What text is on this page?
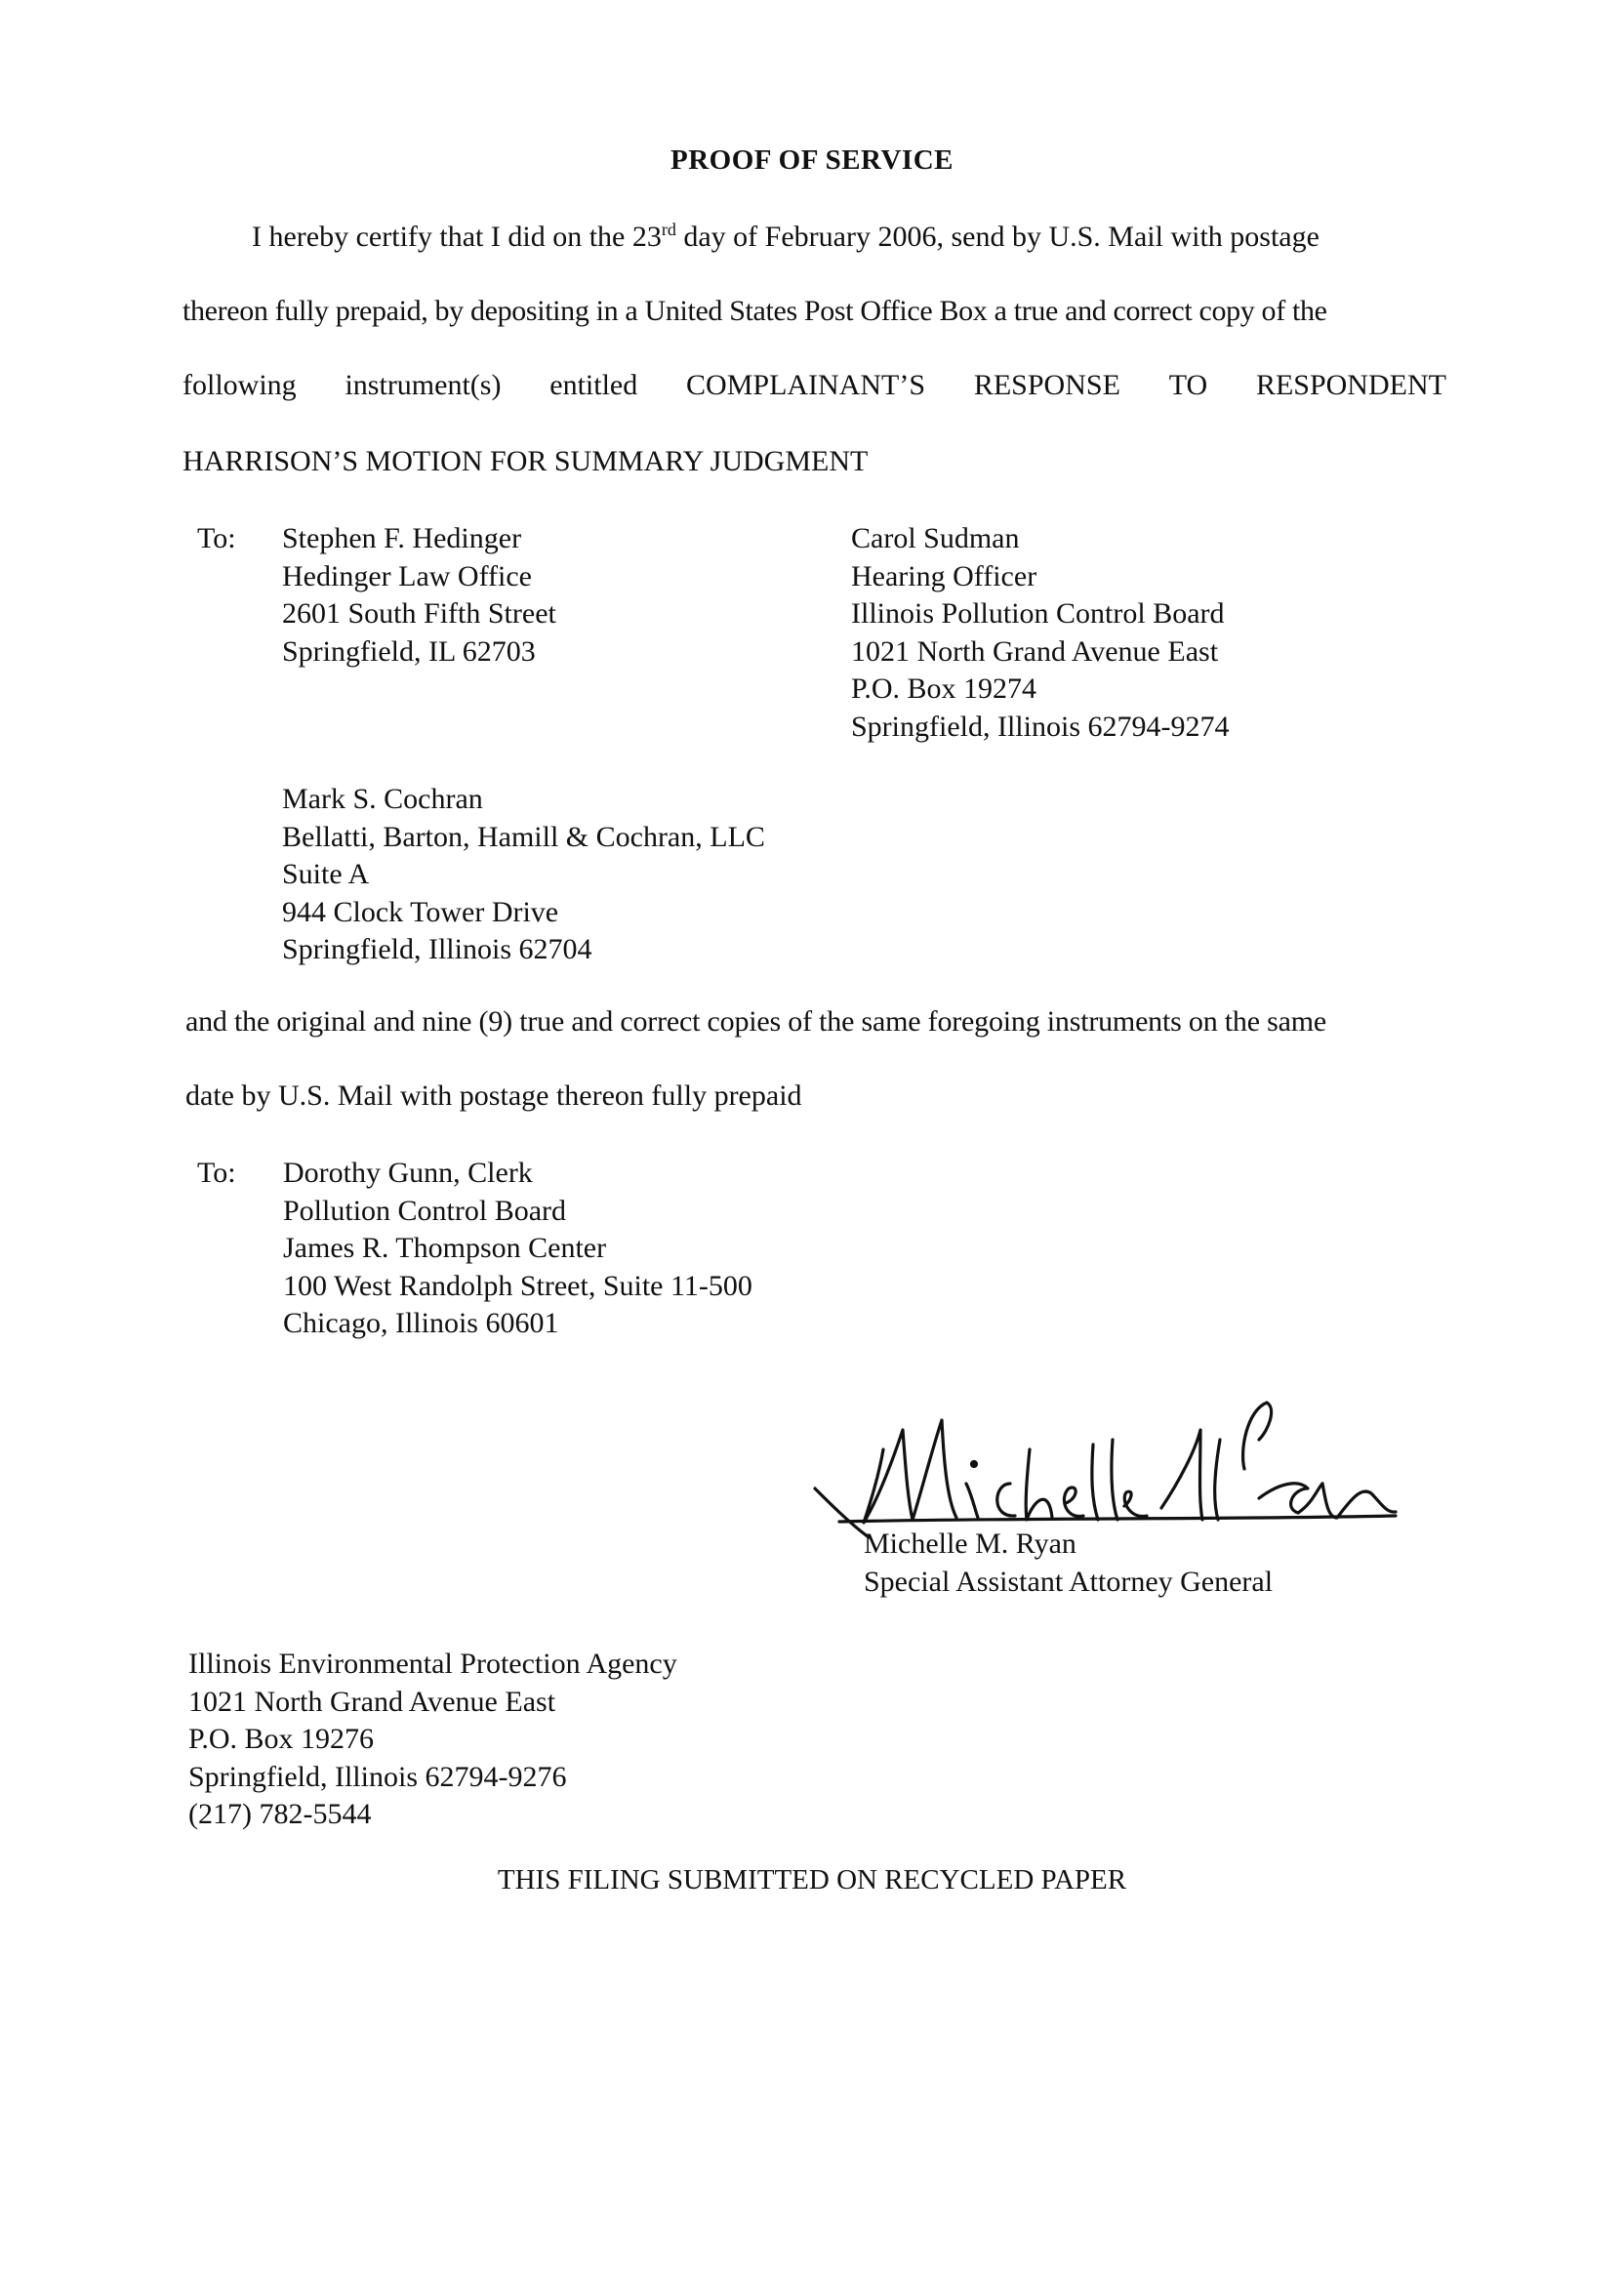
PROOF OF SERVICE
I hereby certify that I did on the 23rd day of February 2006, send by U.S. Mail with postage
thereon fully prepaid, by depositing in a United States Post Office Box a true and correct copy of the
following instrument(s) entitled COMPLAINANT’S RESPONSE TO RESPONDENT
HARRISON’S MOTION FOR SUMMARY JUDGMENT
To: Stephen F. Hedinger
Hedinger Law Office
2601 South Fifth Street
Springfield, IL 62703
Carol Sudman
Hearing Officer
Illinois Pollution Control Board
1021 North Grand Avenue East
P.O. Box 19274
Springfield, Illinois 62794-9274
Mark S. Cochran
Bellatti, Barton, Hamill & Cochran, LLC
Suite A
944 Clock Tower Drive
Springfield, Illinois 62704
and the original and nine (9) true and correct copies of the same foregoing instruments on the same
date by U.S. Mail with postage thereon fully prepaid
To: Dorothy Gunn, Clerk
Pollution Control Board
James R. Thompson Center
100 West Randolph Street, Suite 11-500
Chicago, Illinois 60601
Michelle M. Ryan
Special Assistant Attorney General
Illinois Environmental Protection Agency
1021 North Grand Avenue East
P.O. Box 19276
Springfield, Illinois 62794-9276
(217) 782-5544
THIS FILING SUBMITTED ON RECYCLED PAPER
